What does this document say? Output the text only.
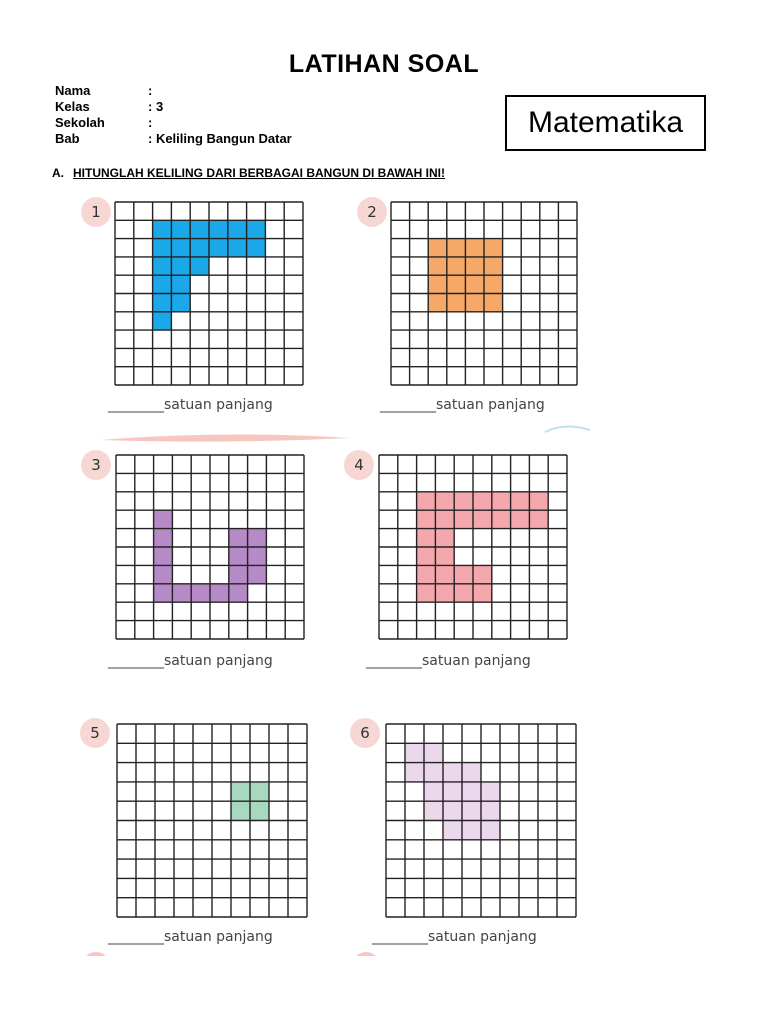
LATIHAN SOAL
Nama	:
Kelas	: 3
Sekolah	:
Bab	: Keliling Bangun Datar	Matematika
A. HITUNGLAH KELILING DARI BERBAGAI BANGUN DI BAWAH INI!
1
________satuan panjang
2
________satuan panjang
3
________satuan panjang
4
________satuan panjang
5
________satuan panjang
6
________satuan panjang
